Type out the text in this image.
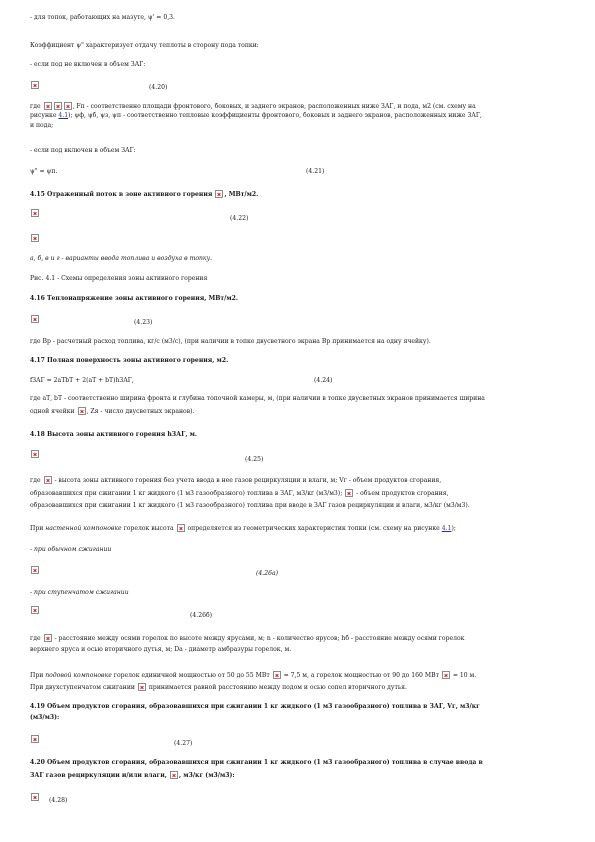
- для топок, работающих на мазуте, ψ' = 0,3.
Коэффициент ψ" характеризует отдачу теплоты в сторону пода топки:
- если под не включен в объем ЗАГ:
(4.20)
где	, Fп - соответственно площади фронтового, боковых, и заднего экранов, расположенных ниже ЗАГ, и пода, м2 (см. схему на
рисунке 4.1); ψф, ψб, ψз, ψп - соответственно тепловые коэффициенты фронтового, боковых и заднего экранов, расположенных ниже ЗАГ,
и пода;
- если под включен в объем ЗАГ:
ψ" = ψп.	(4.21)
4.15 Отраженный поток в зоне активного горения , МВт/м2.
(4.22)
а, б, в и г - варианты ввода топлива и воздуха в топку.
Рис. 4.1 - Схемы определения зоны активного горения
4.16 Теплонапряжение зоны активного горения, МВт/м2.
(4.23)
где Вр - расчетный расход топлива, кг/с (м3/с), (при наличии в топке двусветного экрана Вр принимается на одну ячейку).
4.17 Полная поверхность зоны активного горения, м2.
fЗАГ = 2aТbТ + 2(aТ + bТ)hЗАГ,	(4.24)
где аТ, bТ - соответственно ширина фронта и глубина топочной камеры, м, (при наличии в топке двусветных экранов принимается ширина
одной ячейки , Zя - число двусветных экранов).
4.18 Высота зоны активного горения hЗАГ, м.
(4.25)
где - высота зоны активного горения без учета ввода в нее газов рециркуляции и влаги, м; Vг - объем продуктов сгорания,
образовавшихся при сжигании 1 кг жидкого (1 м3 газообразного) топлива в ЗАГ, м3/кг (м3/м3); - объем продуктов сгорания,
образовавшихся при сжигании 1 кг жидкого (1 м3 газообразного) топлива при вводе в ЗАГ газов рециркуляции и влаги, м3/кг (м3/м3).
При настенной компоновке горелок высота определяется из геометрических характеристик топки (см. схему на рисунке 4.1);
- при обычном сжигании
(4.26а)
- при ступенчатом сжигании
(4.26б)
где - расстояние между осями горелок по высоте между ярусами, м; n - количество ярусов; hб - расстояние между осями горелок
верхнего яруса и осью вторичного дутья, м; Dа - диаметр амбразуры горелок, м.
При подовой компоновке горелок единичной мощностью от 50 до 55 МВт = 7,5 м, а горелок мощностью от 90 до 160 МВт = 10 м.
При двухступенчатом сжигании принимается равной расстоянию между подом и осью сопел вторичного дутья.
4.19 Объем продуктов сгорания, образовавшихся при сжигании 1 кг жидкого (1 м3 газообразного) топлива в ЗАГ, Vг, м3/кг
(м3/м3):
(4.27)
4.20 Объем продуктов сгорания, образовавшихся при сжигании 1 кг жидкого (1 м3 газообразного) топлива в случае ввода в
ЗАГ газов рециркуляции и/или влаги, , м3/кг (м3/м3):
(4.28)
